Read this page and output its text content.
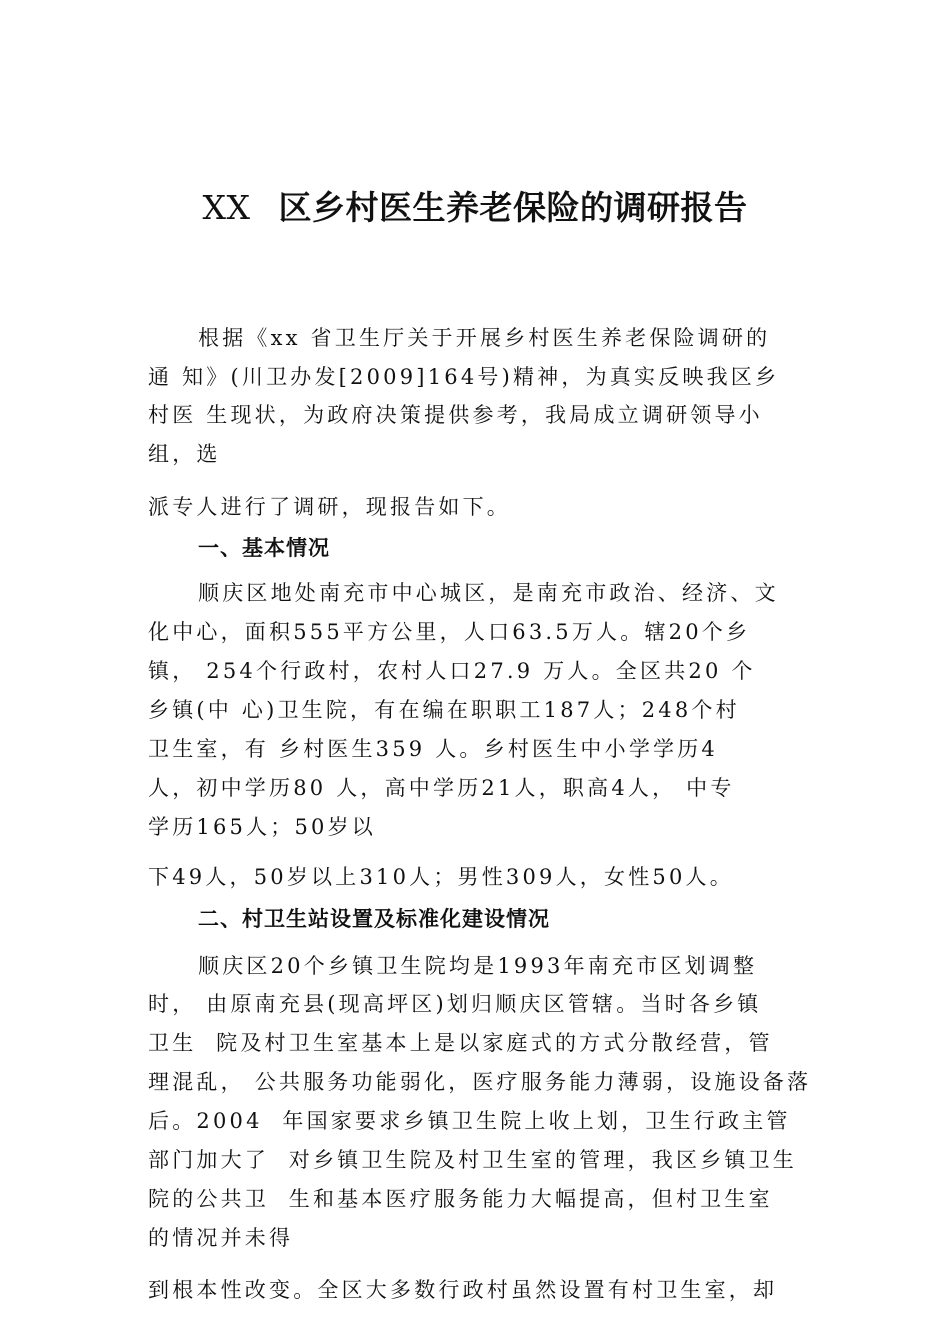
XX 区乡村医生养老保险的调研报告
根据《xx 省卫生厅关于开展乡村医生养老保险调研的
通 知》(川卫办发[2009]164号)精神，为真实反映我区乡
村医 生现状，为政府决策提供参考，我局成立调研领导小
组，选
派专人进行了调研，现报告如下。
一、基本情况
顺庆区地处南充市中心城区，是南充市政治、经济、文
化中心，面积555平方公里，人口63.5万人。辖20个乡
镇， 254个行政村，农村人口27.9 万人。全区共20 个
乡镇(中 心)卫生院，有在编在职职工187人；248个村
卫生室，有 乡村医生359 人。乡村医生中小学学历4
人，初中学历80 人，高中学历21人，职高4人， 中专
学历165人；50岁以
下49人，50岁以上310人；男性309人，女性50人。
二、村卫生站设置及标准化建设情况
顺庆区20个乡镇卫生院均是1993年南充市区划调整
时， 由原南充县(现高坪区)划归顺庆区管辖。当时各乡镇
卫生  院及村卫生室基本上是以家庭式的方式分散经营，管
理混乱， 公共服务功能弱化，医疗服务能力薄弱，设施设备落
后。2004  年国家要求乡镇卫生院上收上划，卫生行政主管
部门加大了  对乡镇卫生院及村卫生室的管理，我区乡镇卫生
院的公共卫  生和基本医疗服务能力大幅提高，但村卫生室
的情况并未得
到根本性改变。全区大多数行政村虽然设置有村卫生室，却
